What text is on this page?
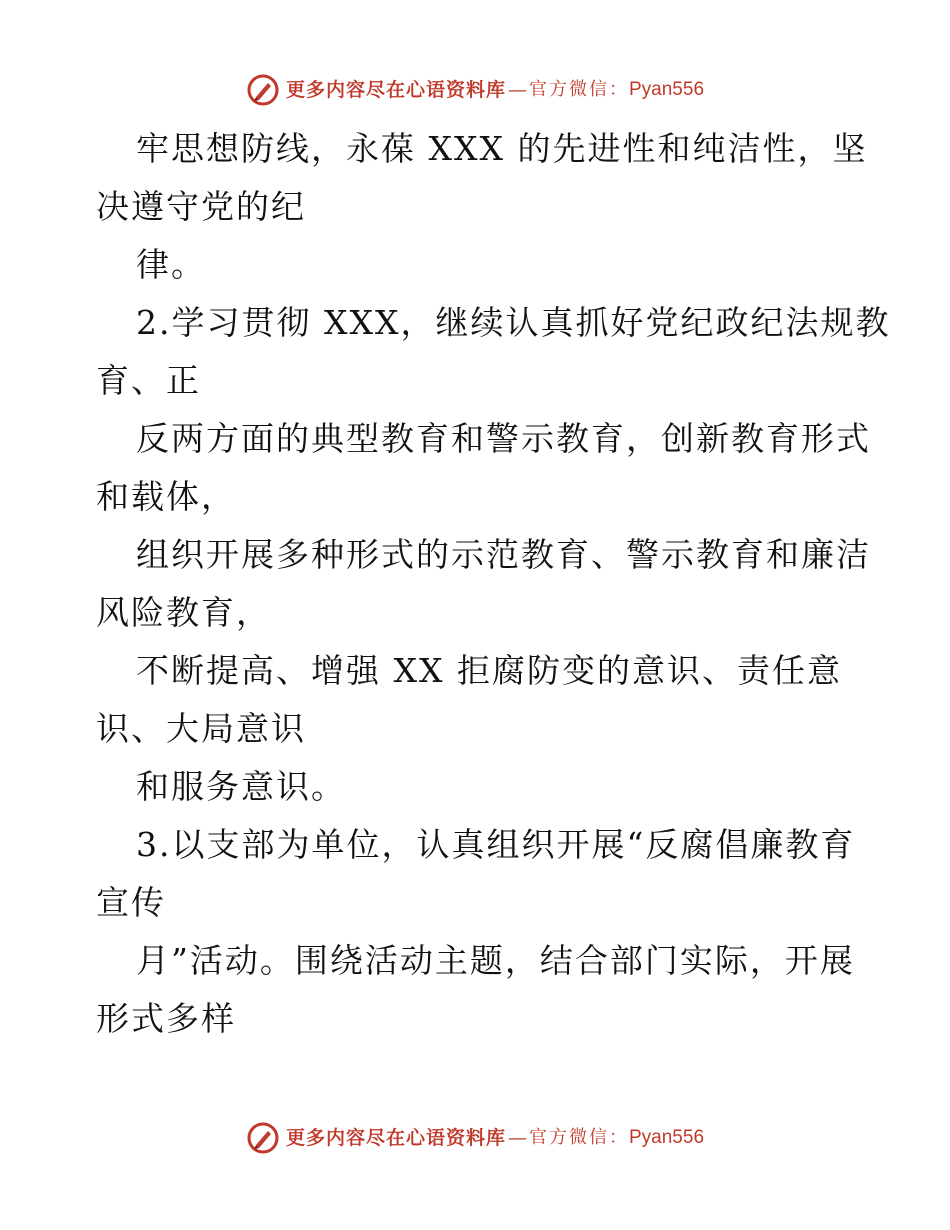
更多内容尽在心语资料库 — 官方微信： Pyan556
牢思想防线，永葆 XXX 的先进性和纯洁性，坚
决遵守党的纪
律。
2.学习贯彻 XXX，继续认真抓好党纪政纪法规教
育、正
反两方面的典型教育和警示教育，创新教育形式
和载体，
组织开展多种形式的示范教育、警示教育和廉洁
风险教育，
不断提高、增强 XX 拒腐防变的意识、责任意
识、大局意识
和服务意识。
3.以支部为单位，认真组织开展“反腐倡廉教育
宣传
月”活动。围绕活动主题，结合部门实际，开展
形式多样
更多内容尽在心语资料库 — 官方微信： Pyan556
